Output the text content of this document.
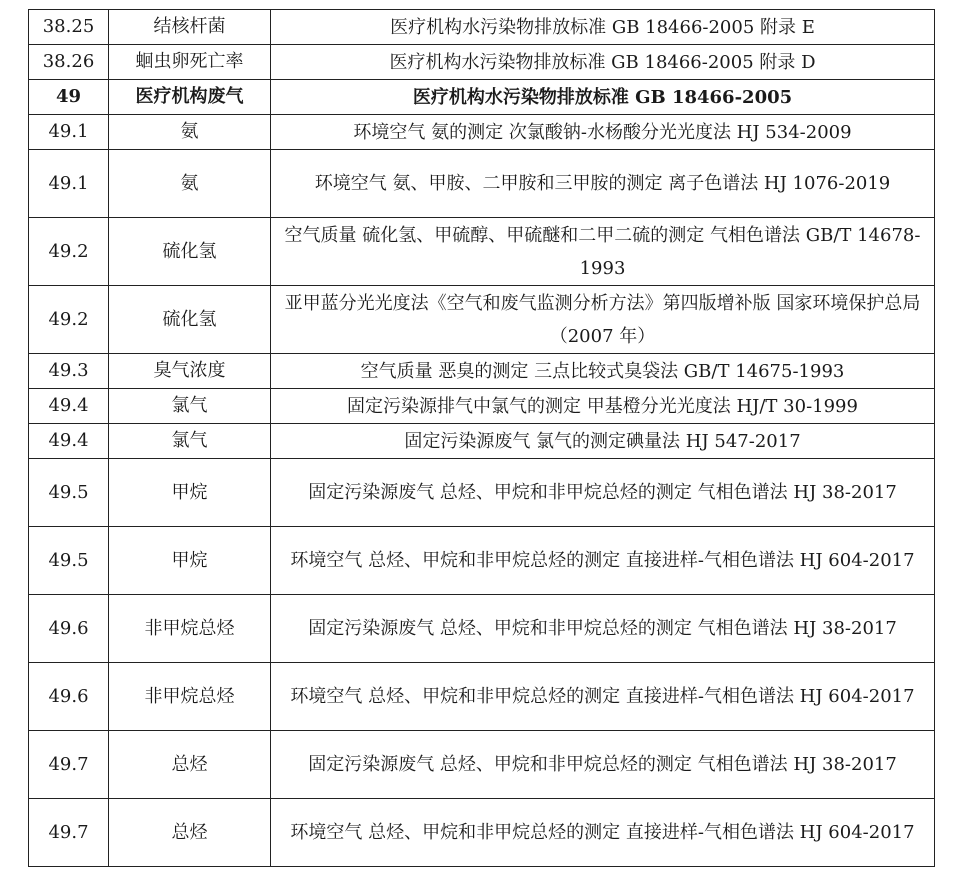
38.25	结核杆菌	医疗机构水污染物排放标准 GB 18466-2005 附录 E
38.26	蛔虫卵死亡率	医疗机构水污染物排放标准 GB 18466-2005 附录 D
49	医疗机构废气	医疗机构水污染物排放标准 GB 18466-2005
49.1	氨	环境空气 氨的测定 次氯酸钠-水杨酸分光光度法 HJ 534-2009
49.1	氨	环境空气 氨、甲胺、二甲胺和三甲胺的测定 离子色谱法 HJ 1076-2019
49.2	硫化氢	空气质量 硫化氢、甲硫醇、甲硫醚和二甲二硫的测定 气相色谱法 GB/T 14678-1993
49.2	硫化氢	亚甲蓝分光光度法《空气和废气监测分析方法》第四版增补版 国家环境保护总局（2007 年）
49.3	臭气浓度	空气质量 恶臭的测定 三点比较式臭袋法 GB/T 14675-1993
49.4	氯气	固定污染源排气中氯气的测定 甲基橙分光光度法 HJ/T 30-1999
49.4	氯气	固定污染源废气 氯气的测定碘量法 HJ 547-2017
49.5	甲烷	固定污染源废气 总烃、甲烷和非甲烷总烃的测定 气相色谱法 HJ 38-2017
49.5	甲烷	环境空气 总烃、甲烷和非甲烷总烃的测定 直接进样-气相色谱法 HJ 604-2017
49.6	非甲烷总烃	固定污染源废气 总烃、甲烷和非甲烷总烃的测定 气相色谱法 HJ 38-2017
49.6	非甲烷总烃	环境空气 总烃、甲烷和非甲烷总烃的测定 直接进样-气相色谱法 HJ 604-2017
49.7	总烃	固定污染源废气 总烃、甲烷和非甲烷总烃的测定 气相色谱法 HJ 38-2017
49.7	总烃	环境空气 总烃、甲烷和非甲烷总烃的测定 直接进样-气相色谱法 HJ 604-2017
